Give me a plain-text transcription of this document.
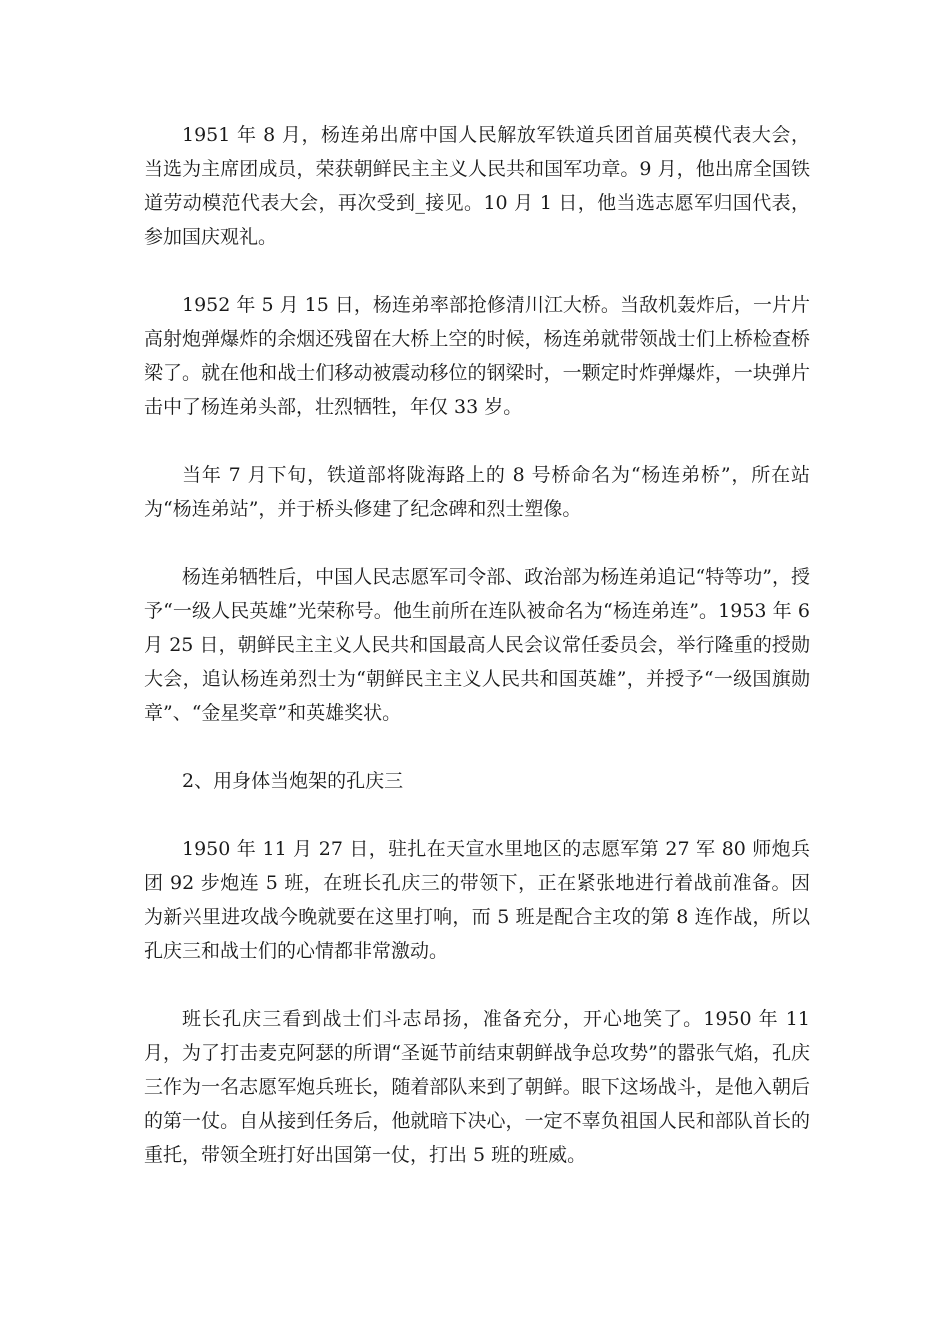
1951 年 8 月，杨连弟出席中国人民解放军铁道兵团首届英模代表大会，当选为主席团成员，荣获朝鲜民主主义人民共和国军功章。9 月，他出席全国铁道劳动模范代表大会，再次受到_接见。10 月 1 日，他当选志愿军归国代表，参加国庆观礼。

1952 年 5 月 15 日，杨连弟率部抢修清川江大桥。当敌机轰炸后，一片片高射炮弹爆炸的余烟还残留在大桥上空的时候，杨连弟就带领战士们上桥检查桥梁了。就在他和战士们移动被震动移位的钢梁时，一颗定时炸弹爆炸，一块弹片击中了杨连弟头部，壮烈牺牲，年仅 33 岁。

当年 7 月下旬，铁道部将陇海路上的 8 号桥命名为“杨连弟桥”，所在站为“杨连弟站”，并于桥头修建了纪念碑和烈士塑像。

杨连弟牺牲后，中国人民志愿军司令部、政治部为杨连弟追记“特等功”，授予“一级人民英雄”光荣称号。他生前所在连队被命名为“杨连弟连”。1953 年 6 月 25 日，朝鲜民主主义人民共和国最高人民会议常任委员会，举行隆重的授勋大会，追认杨连弟烈士为“朝鲜民主主义人民共和国英雄”，并授予“一级国旗勋章”、“金星奖章”和英雄奖状。

2、用身体当炮架的孔庆三

1950 年 11 月 27 日，驻扎在天宣水里地区的志愿军第 27 军 80 师炮兵团 92 步炮连 5 班，在班长孔庆三的带领下，正在紧张地进行着战前准备。因为新兴里进攻战今晚就要在这里打响，而 5 班是配合主攻的第 8 连作战，所以孔庆三和战士们的心情都非常激动。

班长孔庆三看到战士们斗志昂扬，准备充分，开心地笑了。1950 年 11 月，为了打击麦克阿瑟的所谓“圣诞节前结束朝鲜战争总攻势”的嚣张气焰，孔庆三作为一名志愿军炮兵班长，随着部队来到了朝鲜。眼下这场战斗，是他入朝后的第一仗。自从接到任务后，他就暗下决心，一定不辜负祖国人民和部队首长的重托，带领全班打好出国第一仗，打出 5 班的班威。
